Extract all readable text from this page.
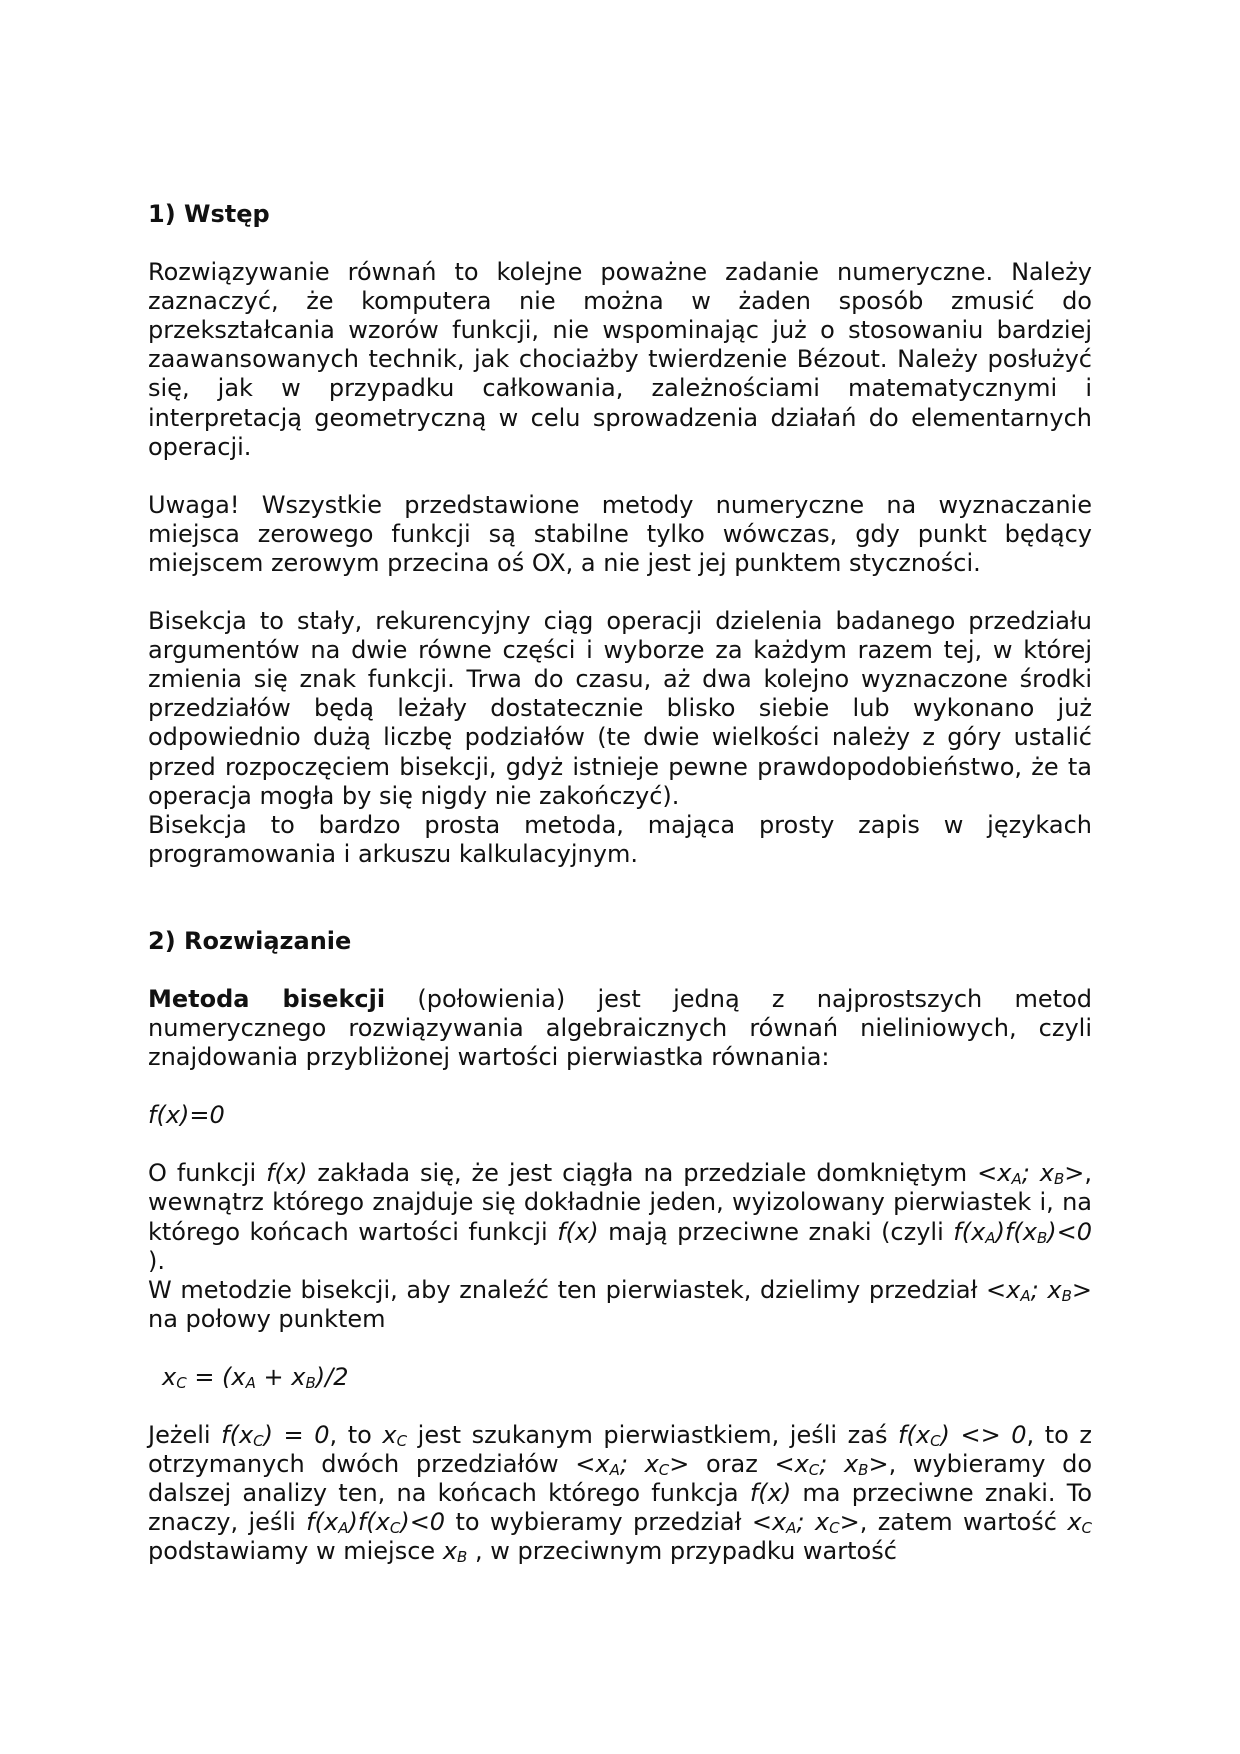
1) Wstęp

Rozwiązywanie równań to kolejne poważne zadanie numeryczne. Należy zaznaczyć, że komputera nie można w żaden sposób zmusić do przekształcania wzorów funkcji, nie wspominając już o stosowaniu bardziej zaawansowanych technik, jak chociażby twierdzenie Bézout. Należy posłużyć się, jak w przypadku całkowania, zależnościami matematycznymi i interpretacją geometryczną w celu sprowadzenia działań do elementarnych operacji.

Uwaga! Wszystkie przedstawione metody numeryczne na wyznaczanie miejsca zerowego funkcji są stabilne tylko wówczas, gdy punkt będący miejscem zerowym przecina oś OX, a nie jest jej punktem styczności.

Bisekcja to stały, rekurencyjny ciąg operacji dzielenia badanego przedziału argumentów na dwie równe części i wyborze za każdym razem tej, w której zmienia się znak funkcji. Trwa do czasu, aż dwa kolejno wyznaczone środki przedziałów będą leżały dostatecznie blisko siebie lub wykonano już odpowiednio dużą liczbę podziałów (te dwie wielkości należy z góry ustalić przed rozpoczęciem bisekcji, gdyż istnieje pewne prawdopodobieństwo, że ta operacja mogła by się nigdy nie zakończyć).

Bisekcja to bardzo prosta metoda, mająca prosty zapis w językach programowania i arkuszu kalkulacyjnym.

2) Rozwiązanie

Metoda bisekcji (połowienia) jest jedną z najprostszych metod numerycznego rozwiązywania algebraicznych równań nieliniowych, czyli znajdowania przybliżonej wartości pierwiastka równania:

f(x)=0

O funkcji f(x) zakłada się, że jest ciągła na przedziale domkniętym $<x_A$; $x_B>$, wewnątrz którego znajduje się dokładnie jeden, wyizolowany pierwiastek i, na którego końcach wartości funkcji f(x) mają przeciwne znaki (czyli $f(x_A)f(x_B)<0$ ).

W metodzie bisekcji, aby znaleźć ten pierwiastek, dzielimy przedział $<x_A$; $x_B>$ na połowy punktem

$x_C = (x_A + x_B)/2$

Jeżeli $f(x_C) = 0$, to $x_C$ jest szukanym pierwiastkiem, jeśli zaś $f(x_C) <> 0$, to z otrzymanych dwóch przedziałów $<x_A$; $x_C>$ oraz $<x_C$; $x_B>$, wybieramy do dalszej analizy ten, na końcach którego funkcja f(x) ma przeciwne znaki. To znaczy, jeśli $f(x_A)f(x_C)<0$ to wybieramy przedział $<x_A$; $x_C>$, zatem wartość $x_C$ podstawiamy w miejsce $x_B$ , w przeciwnym przypadku wartość
